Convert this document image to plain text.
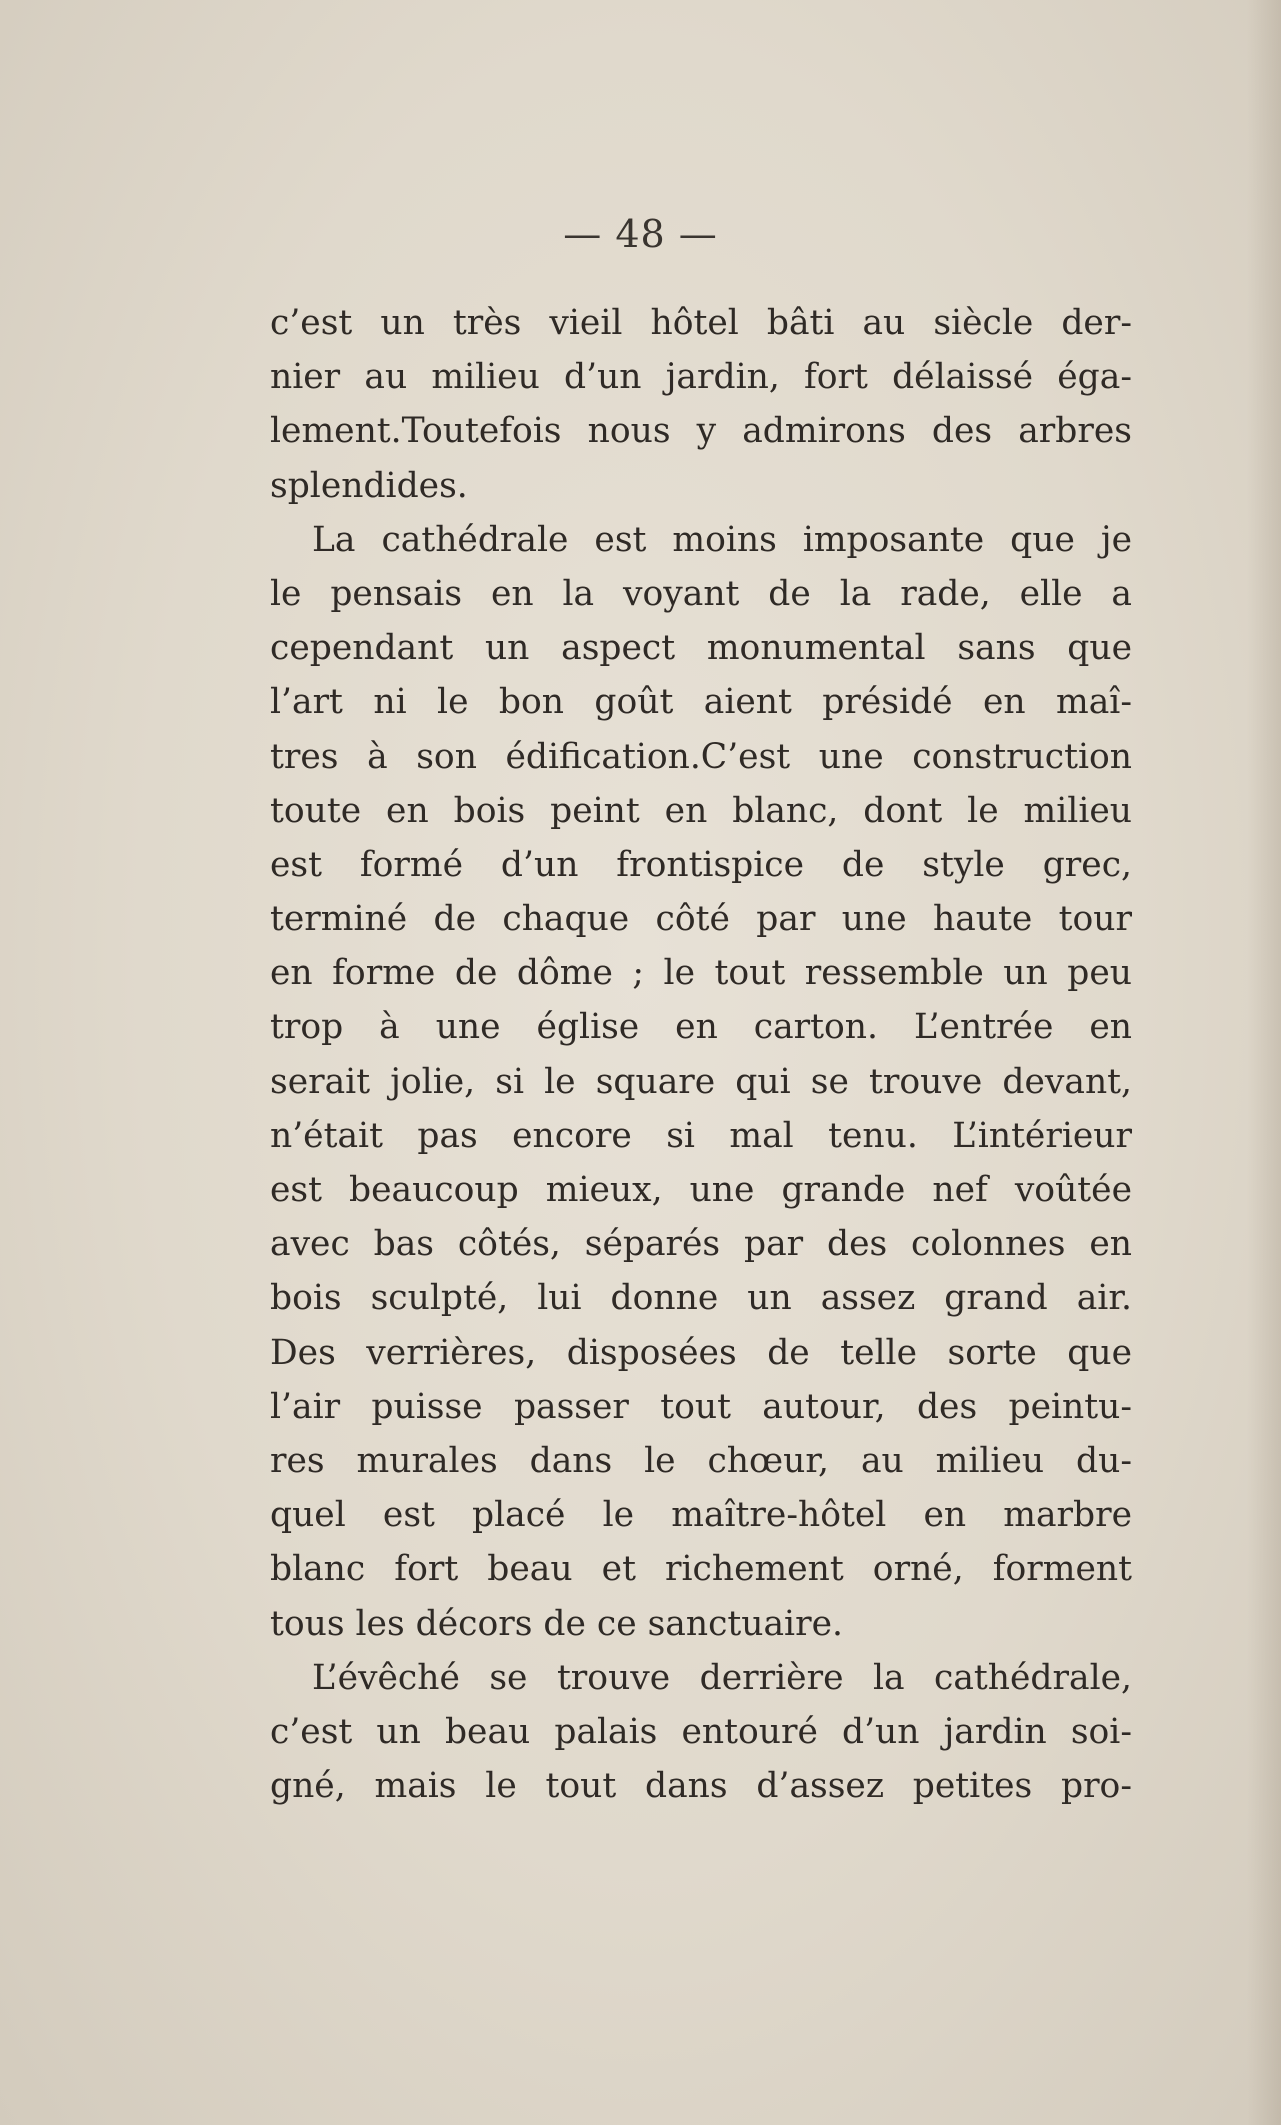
— 48 —
c’est un très vieil hôtel bâti au siècle der-
nier au milieu d’un jardin, fort délaissé éga-
lement.Toutefois nous y admirons des arbres
splendides.
La cathédrale est moins imposante que je
le pensais en la voyant de la rade, elle a
cependant un aspect monumental sans que
l’art ni le bon goût aient présidé en maî-
tres à son édification.C’est une construction
toute en bois peint en blanc, dont le milieu
est formé d’un frontispice de style grec,
terminé de chaque côté par une haute tour
en forme de dôme ; le tout ressemble un peu
trop à une église en carton. L’entrée en
serait jolie, si le square qui se trouve devant,
n’était pas encore si mal tenu. L’intérieur
est beaucoup mieux, une grande nef voûtée
avec bas côtés, séparés par des colonnes en
bois sculpté, lui donne un assez grand air.
Des verrières, disposées de telle sorte que
l’air puisse passer tout autour, des peintu-
res murales dans le chœur, au milieu du-
quel est placé le maître-hôtel en marbre
blanc fort beau et richement orné, forment
tous les décors de ce sanctuaire.
L’évêché se trouve derrière la cathédrale,
c’est un beau palais entouré d’un jardin soi-
gné, mais le tout dans d’assez petites pro-
